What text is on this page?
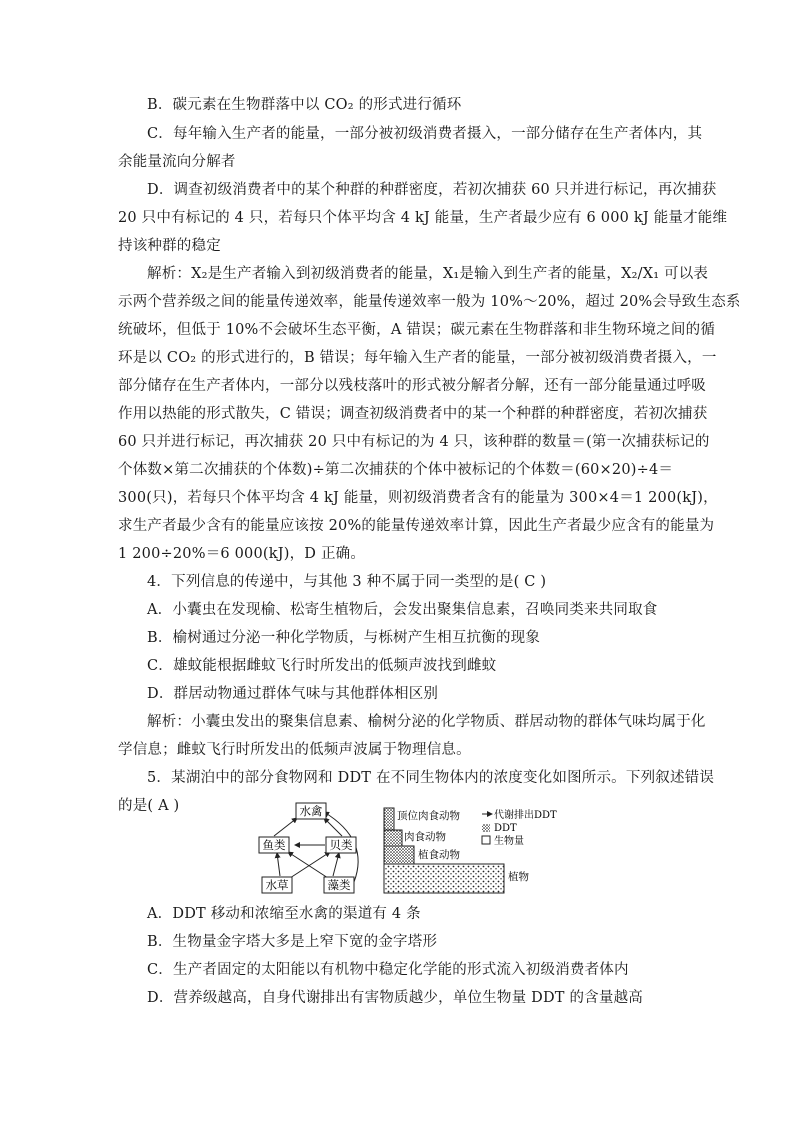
B．碳元素在生物群落中以 CO₂ 的形式进行循环
C．每年输入生产者的能量，一部分被初级消费者摄入，一部分储存在生产者体内，其
余能量流向分解者
D．调查初级消费者中的某个种群的种群密度，若初次捕获 60 只并进行标记，再次捕获
20 只中有标记的 4 只，若每只个体平均含 4 kJ 能量，生产者最少应有 6 000 kJ 能量才能维
持该种群的稳定
解析：X₂是生产者输入到初级消费者的能量，X₁是输入到生产者的能量，X₂/X₁ 可以表
示两个营养级之间的能量传递效率，能量传递效率一般为 10%～20%，超过 20%会导致生态系
统破坏，但低于 10%不会破坏生态平衡，A 错误；碳元素在生物群落和非生物环境之间的循
环是以 CO₂ 的形式进行的，B 错误；每年输入生产者的能量，一部分被初级消费者摄入，一
部分储存在生产者体内，一部分以残枝落叶的形式被分解者分解，还有一部分能量通过呼吸
作用以热能的形式散失，C 错误；调查初级消费者中的某一个种群的种群密度，若初次捕获
60 只并进行标记，再次捕获 20 只中有标记的为 4 只，该种群的数量＝(第一次捕获标记的
个体数×第二次捕获的个体数)÷第二次捕获的个体中被标记的个体数＝(60×20)÷4＝
300(只)，若每只个体平均含 4 kJ 能量，则初级消费者含有的能量为 300×4＝1 200(kJ)，
求生产者最少含有的能量应该按 20%的能量传递效率计算，因此生产者最少应含有的能量为
1 200÷20%＝6 000(kJ)，D 正确。
4．下列信息的传递中，与其他 3 种不属于同一类型的是( C )
A．小囊虫在发现榆、松寄生植物后，会发出聚集信息素，召唤同类来共同取食
B．榆树通过分泌一种化学物质，与栎树产生相互抗衡的现象
C．雄蚊能根据雌蚊飞行时所发出的低频声波找到雌蚊
D．群居动物通过群体气味与其他群体相区别
解析：小囊虫发出的聚集信息素、榆树分泌的化学物质、群居动物的群体气味均属于化
学信息；雌蚊飞行时所发出的低频声波属于物理信息。
5．某湖泊中的部分食物网和 DDT 在不同生物体内的浓度变化如图所示。下列叙述错误
的是( A )	水禽
鱼类	贝类
水草	藻类
顶位肉食动物
肉食动物
植食动物
植物
代谢排出DDT
DDT
生物量
A．DDT 移动和浓缩至水禽的渠道有 4 条
B．生物量金字塔大多是上窄下宽的金字塔形
C．生产者固定的太阳能以有机物中稳定化学能的形式流入初级消费者体内
D．营养级越高，自身代谢排出有害物质越少，单位生物量 DDT 的含量越高
